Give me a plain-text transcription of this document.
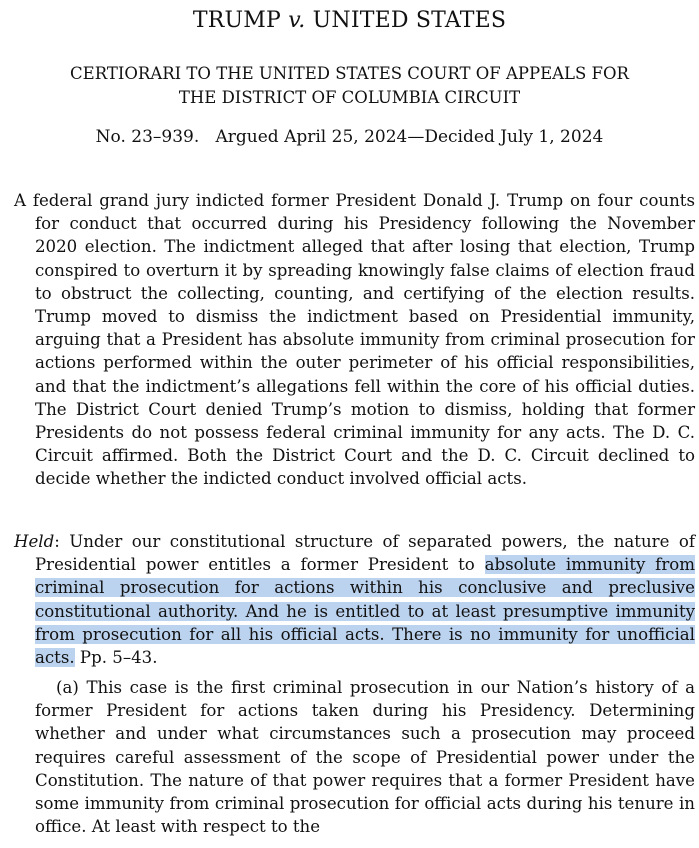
TRUMP v. UNITED STATES
CERTIORARI TO THE UNITED STATES COURT OF APPEALS FOR
THE DISTRICT OF COLUMBIA CIRCUIT
No. 23–939. Argued April 25, 2024—Decided July 1, 2024

A federal grand jury indicted former President Donald J. Trump on four counts for conduct that occurred during his Presidency following the November 2020 election. The indictment alleged that after losing that election, Trump conspired to overturn it by spreading knowingly false claims of election fraud to obstruct the collecting, counting, and certifying of the election results. Trump moved to dismiss the indictment based on Presidential immunity, arguing that a President has absolute immunity from criminal prosecution for actions performed within the outer perimeter of his official responsibilities, and that the indictment’s allegations fell within the core of his official duties. The District Court denied Trump’s motion to dismiss, holding that former Presidents do not possess federal criminal immunity for any acts. The D. C. Circuit affirmed. Both the District Court and the D. C. Circuit declined to decide whether the indicted conduct involved official acts.

Held: Under our constitutional structure of separated powers, the nature of Presidential power entitles a former President to absolute immunity from criminal prosecution for actions within his conclusive and preclusive constitutional authority. And he is entitled to at least presumptive immunity from prosecution for all his official acts. There is no immunity for unofficial acts. Pp. 5–43.

(a) This case is the first criminal prosecution in our Nation’s history of a former President for actions taken during his Presidency. Determining whether and under what circumstances such a prosecution may proceed requires careful assessment of the scope of Presidential power under the Constitution. The nature of that power requires that a former President have some immunity from criminal prosecution for official acts during his tenure in office. At least with respect to the
